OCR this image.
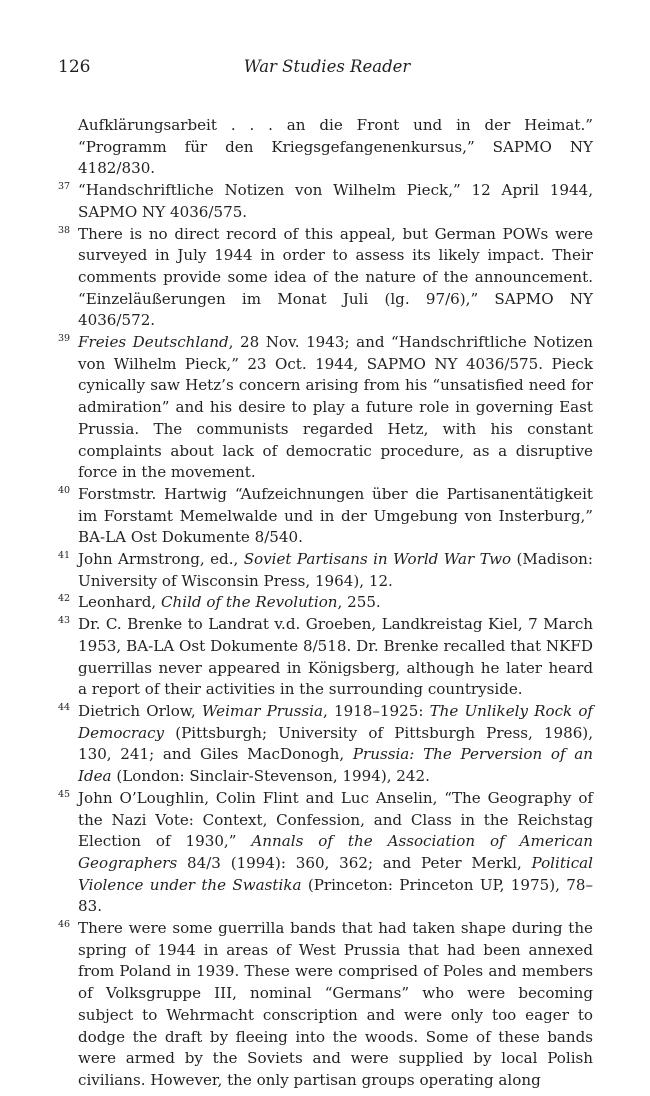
126	War Studies Reader

Aufklärungsarbeit . . . an die Front und in der Heimat.” “Programm für den Kriegsgefangenenkursus,” SAPMO NY 4182/830.

37 “Handschriftliche Notizen von Wilhelm Pieck,” 12 April 1944, SAPMO NY 4036/575.

38 There is no direct record of this appeal, but German POWs were surveyed in July 1944 in order to assess its likely impact. Their comments provide some idea of the nature of the announcement. “Einzeläußerungen im Monat Juli (lg. 97/6),” SAPMO NY 4036/572.

39 Freies Deutschland, 28 Nov. 1943; and “Handschriftliche Notizen von Wilhelm Pieck,” 23 Oct. 1944, SAPMO NY 4036/575. Pieck cynically saw Hetz’s concern arising from his “unsatisfied need for admiration” and his desire to play a future role in governing East Prussia. The communists regarded Hetz, with his constant complaints about lack of democratic procedure, as a disruptive force in the movement.

40 Forstmstr. Hartwig “Aufzeichnungen über die Partisanentätigkeit im Forstamt Memelwalde und in der Umgebung von Insterburg,” BA-LA Ost Dokumente 8/540.

41 John Armstrong, ed., Soviet Partisans in World War Two (Madison: University of Wisconsin Press, 1964), 12.

42 Leonhard, Child of the Revolution, 255.

43 Dr. C. Brenke to Landrat v.d. Groeben, Landkreistag Kiel, 7 March 1953, BA-LA Ost Dokumente 8/518. Dr. Brenke recalled that NKFD guerrillas never appeared in Königsberg, although he later heard a report of their activities in the surrounding countryside.

44 Dietrich Orlow, Weimar Prussia, 1918–1925: The Unlikely Rock of Democracy (Pittsburgh; University of Pittsburgh Press, 1986), 130, 241; and Giles MacDonogh, Prussia: The Perversion of an Idea (London: Sinclair-Stevenson, 1994), 242.

45 John O’Loughlin, Colin Flint and Luc Anselin, “The Geography of the Nazi Vote: Context, Confession, and Class in the Reichstag Election of 1930,” Annals of the Association of American Geographers 84/3 (1994): 360, 362; and Peter Merkl, Political Violence under the Swastika (Princeton: Princeton UP, 1975), 78–83.

46 There were some guerrilla bands that had taken shape during the spring of 1944 in areas of West Prussia that had been annexed from Poland in 1939. These were comprised of Poles and members of Volksgruppe III, nominal “Germans” who were becoming subject to Wehrmacht conscription and were only too eager to dodge the draft by fleeing into the woods. Some of these bands were armed by the Soviets and were supplied by local Polish civilians. However, the only partisan groups operating along
